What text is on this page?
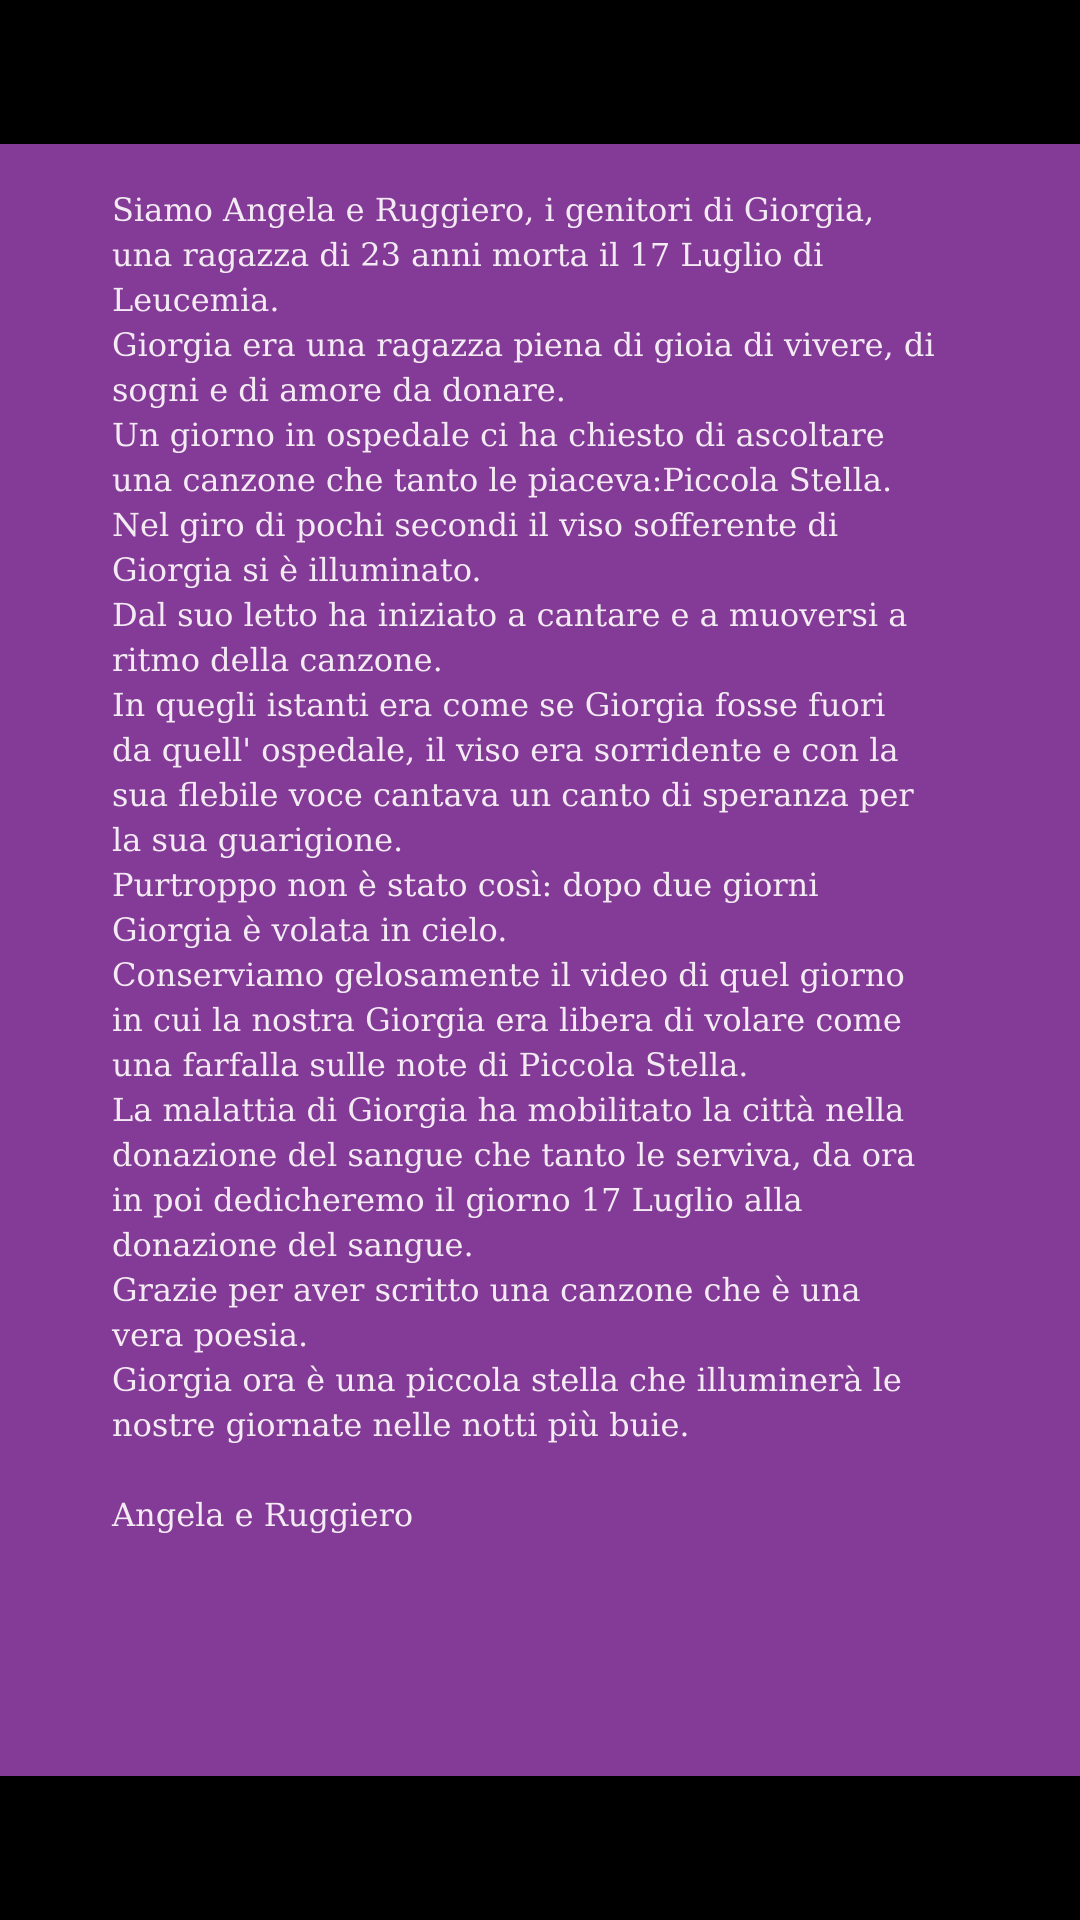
Siamo Angela e Ruggiero, i genitori di Giorgia,
una ragazza di 23 anni morta il 17 Luglio di
Leucemia.
Giorgia era una ragazza piena di gioia di vivere, di
sogni e di amore da donare.
Un giorno in ospedale ci ha chiesto di ascoltare
una canzone che tanto le piaceva:Piccola Stella.
Nel giro di pochi secondi il viso sofferente di
Giorgia si è illuminato.
Dal suo letto ha iniziato a cantare e a muoversi a
ritmo della canzone.
In quegli istanti era come se Giorgia fosse fuori
da quell' ospedale, il viso era sorridente e con la
sua flebile voce cantava un canto di speranza per
la sua guarigione.
Purtroppo non è stato così: dopo due giorni
Giorgia è volata in cielo.
Conserviamo gelosamente il video di quel giorno
in cui la nostra Giorgia era libera di volare come
una farfalla sulle note di Piccola Stella.
La malattia di Giorgia ha mobilitato la città nella
donazione del sangue che tanto le serviva, da ora
in poi dedicheremo il giorno 17 Luglio alla
donazione del sangue.
Grazie per aver scritto una canzone che è una
vera poesia.
Giorgia ora è una piccola stella che illuminerà le
nostre giornate nelle notti più buie.
Angela e Ruggiero
